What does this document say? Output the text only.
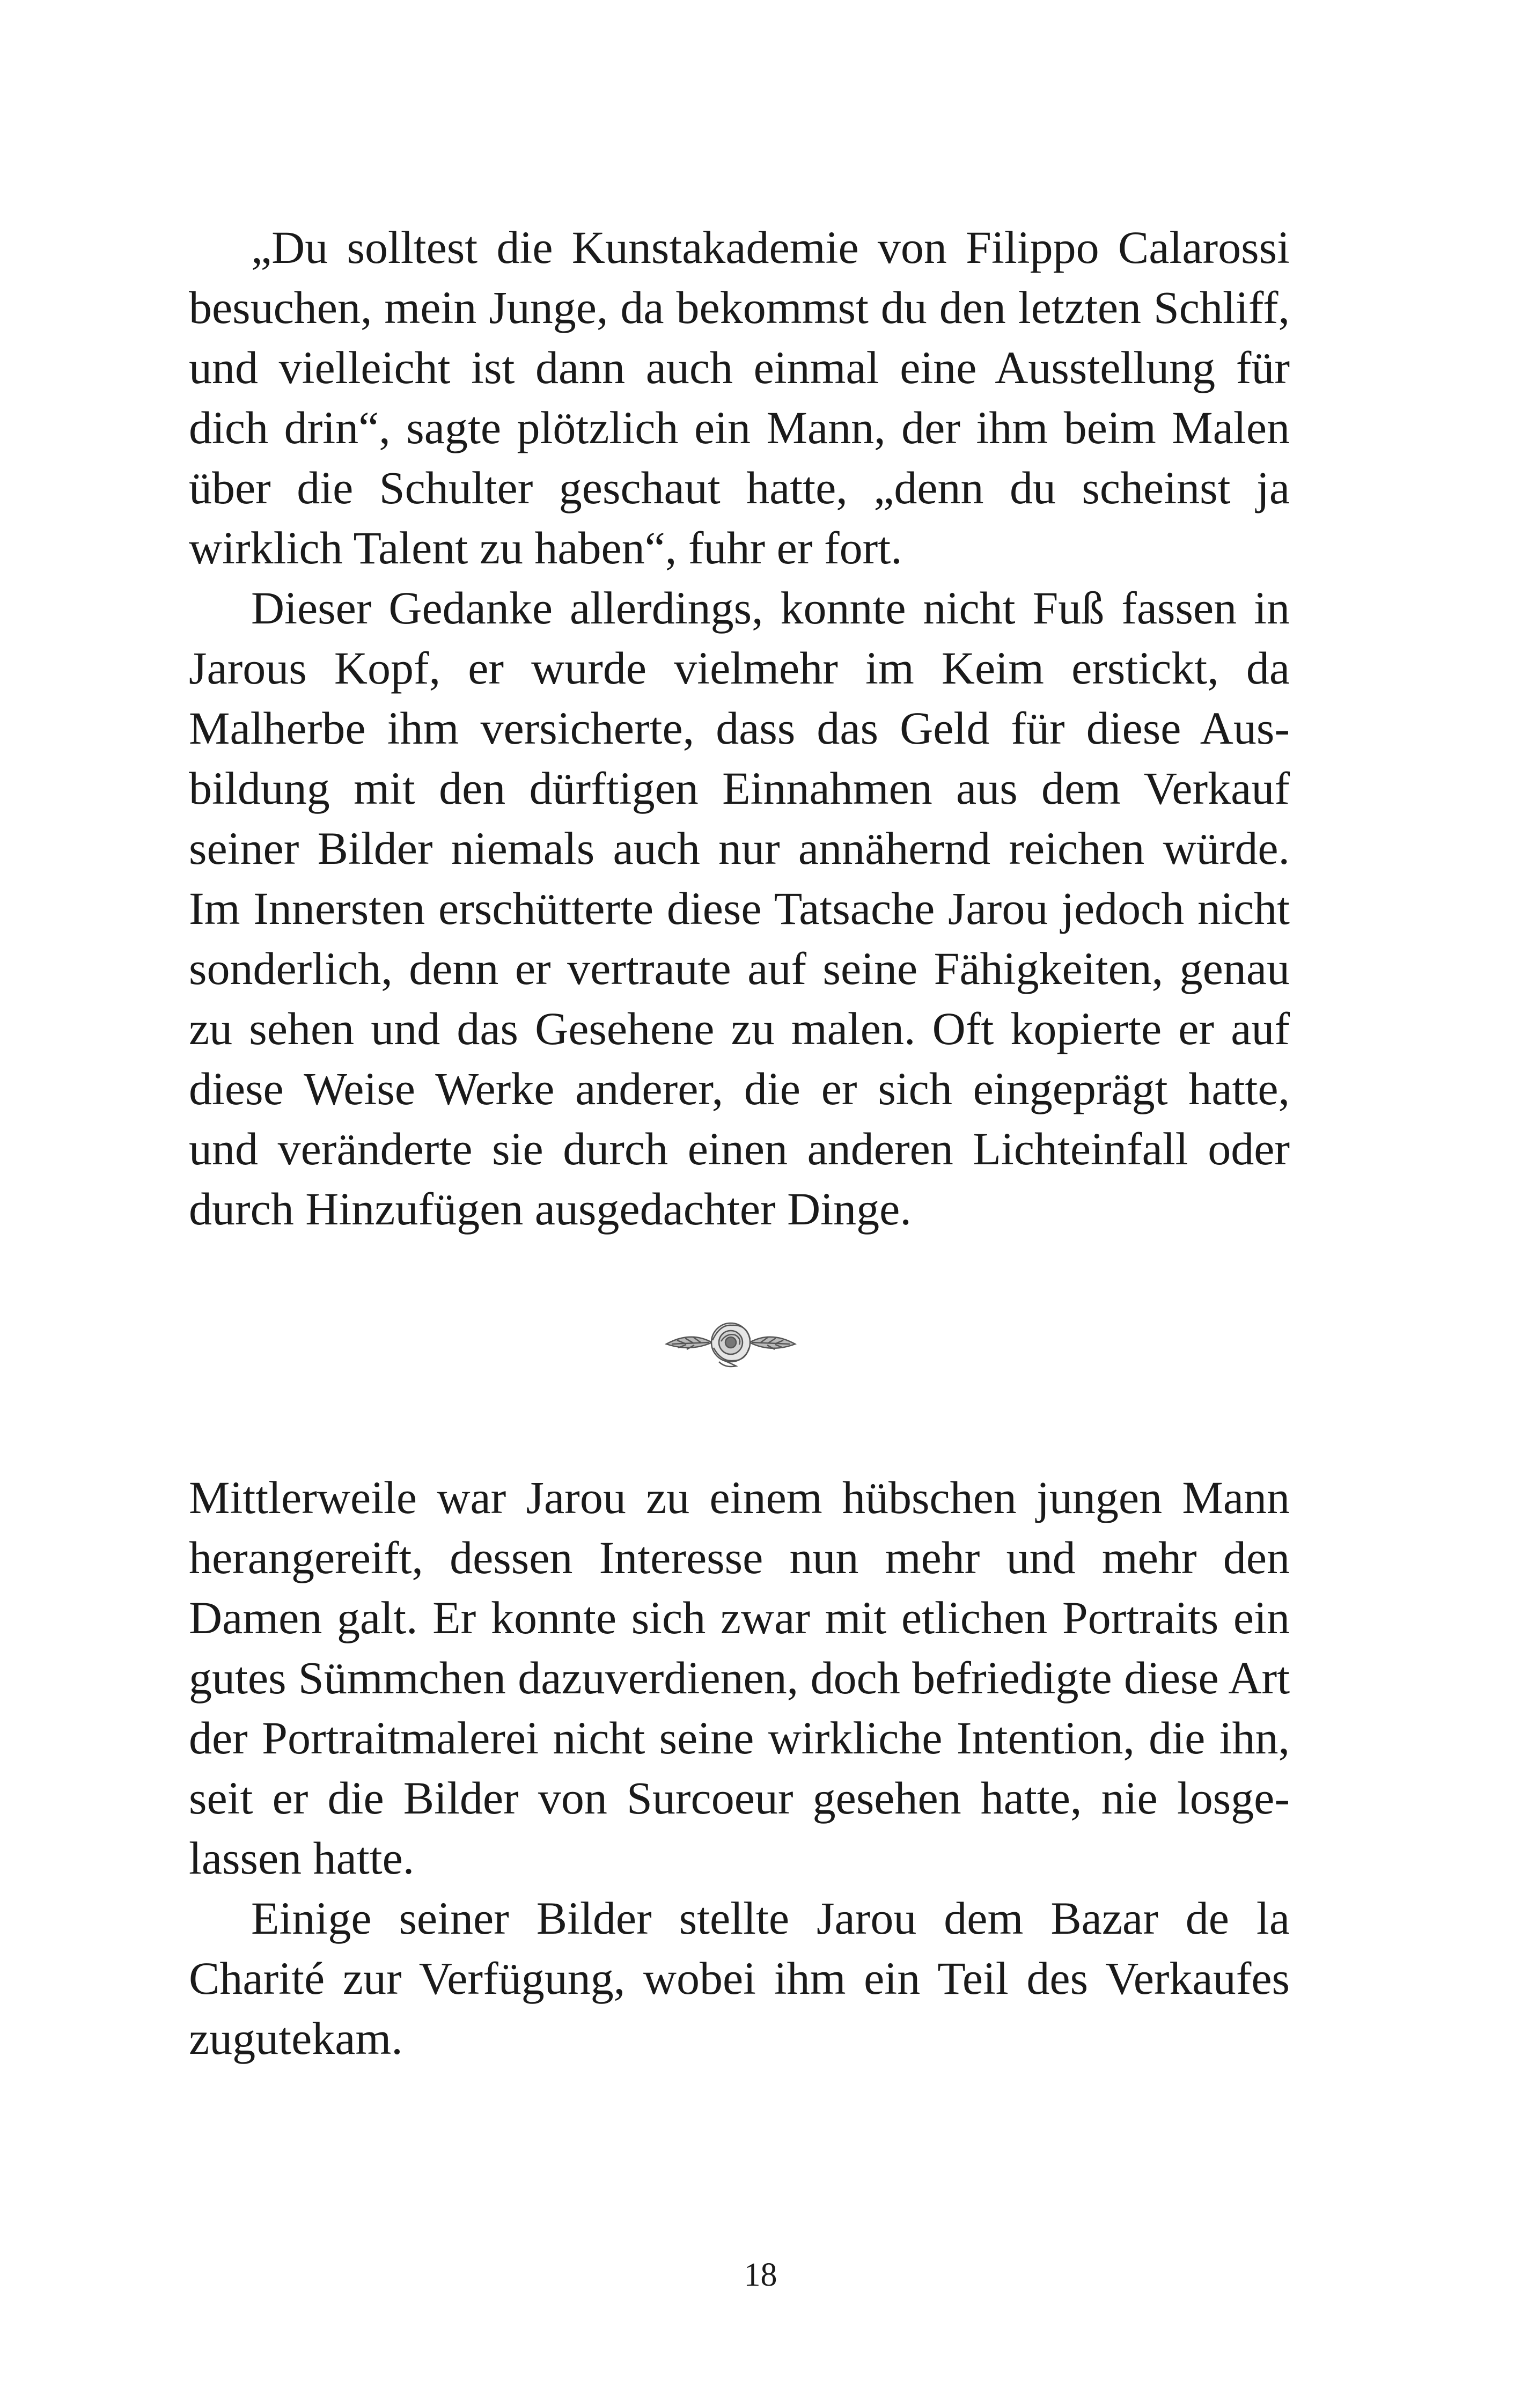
„Du solltest die Kunstakademie von Filippo Calarossi besuchen, mein Junge, da bekommst du den letzten Schliff, und vielleicht ist dann auch einmal eine Ausstellung für dich drin“, sagte plötzlich ein Mann, der ihm beim Malen über die Schulter geschaut hatte, „denn du scheinst ja wirklich Talent zu haben“, fuhr er fort.

Dieser Gedanke allerdings, konnte nicht Fuß fassen in Jarous Kopf, er wurde vielmehr im Keim erstickt, da Malherbe ihm versicherte, dass das Geld für diese Ausbildung mit den dürftigen Einnahmen aus dem Verkauf seiner Bilder niemals auch nur annähernd reichen würde. Im Innersten erschütterte diese Tatsache Jarou jedoch nicht sonderlich, denn er vertraute auf seine Fähigkeiten, genau zu sehen und das Gesehene zu malen. Oft kopierte er auf diese Weise Werke anderer, die er sich eingeprägt hatte, und veränderte sie durch einen anderen Lichteinfall oder durch Hinzufügen ausgedachter Dinge.

Mittlerweile war Jarou zu einem hübschen jungen Mann herangereift, dessen Interesse nun mehr und mehr den Damen galt. Er konnte sich zwar mit etlichen Portraits ein gutes Sümmchen dazuverdienen, doch befriedigte diese Art der Portraitmalerei nicht seine wirkliche Intention, die ihn, seit er die Bilder von Surcoeur gesehen hatte, nie losgelassen hatte.

Einige seiner Bilder stellte Jarou dem Bazar de la Charité zur Verfügung, wobei ihm ein Teil des Verkaufes zugutekam.

18
